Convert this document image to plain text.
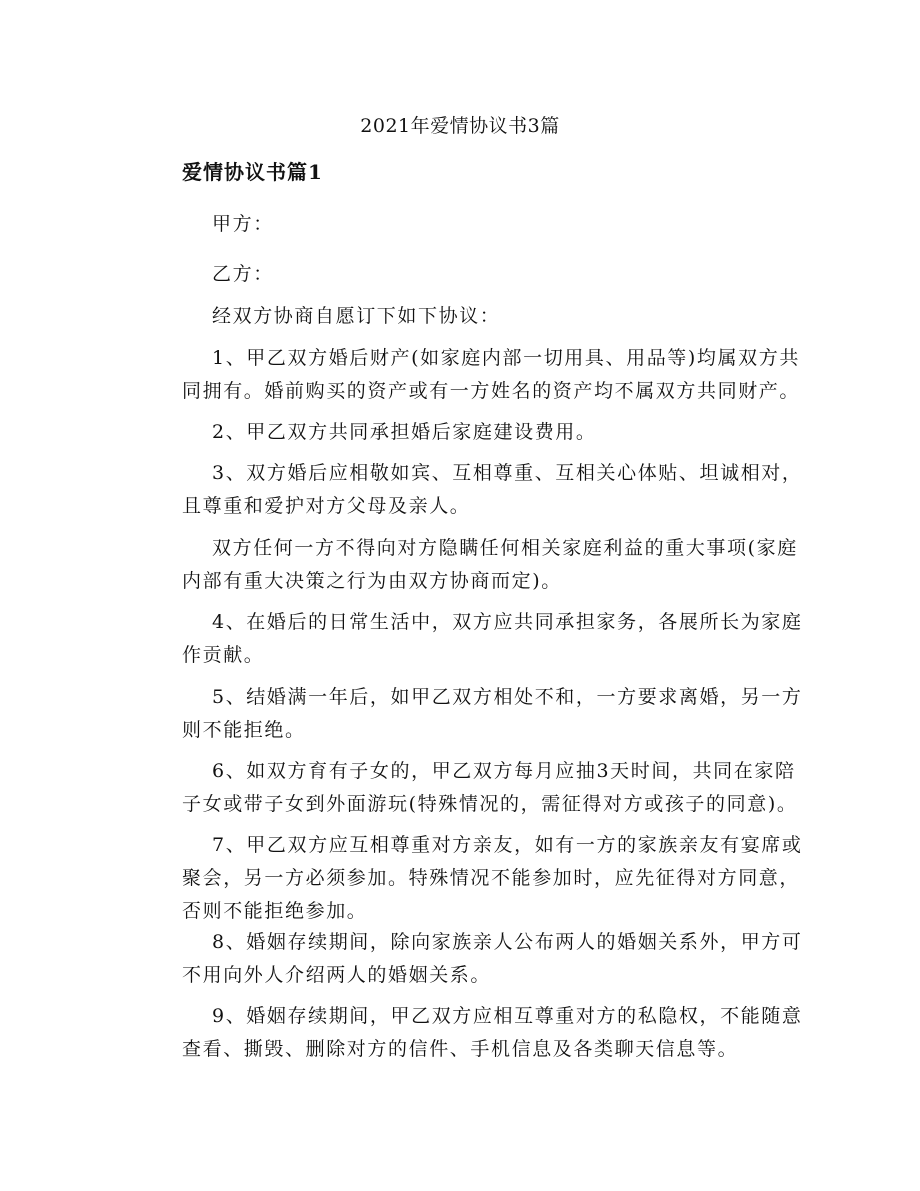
2021年爱情协议书3篇
爱情协议书篇1
甲方：
乙方：
经双方协商自愿订下如下协议：
1、甲乙双方婚后财产(如家庭内部一切用具、用品等)均属双方共
同拥有。婚前购买的资产或有一方姓名的资产均不属双方共同财产。
2、甲乙双方共同承担婚后家庭建设费用。
3、双方婚后应相敬如宾、互相尊重、互相关心体贴、坦诚相对，
且尊重和爱护对方父母及亲人。
双方任何一方不得向对方隐瞒任何相关家庭利益的重大事项(家庭
内部有重大决策之行为由双方协商而定)。
4、在婚后的日常生活中，双方应共同承担家务，各展所长为家庭
作贡献。
5、结婚满一年后，如甲乙双方相处不和，一方要求离婚，另一方
则不能拒绝。
6、如双方育有子女的，甲乙双方每月应抽3天时间，共同在家陪
子女或带子女到外面游玩(特殊情况的，需征得对方或孩子的同意)。
7、甲乙双方应互相尊重对方亲友，如有一方的家族亲友有宴席或
聚会，另一方必须参加。特殊情况不能参加时，应先征得对方同意，
否则不能拒绝参加。
8、婚姻存续期间，除向家族亲人公布两人的婚姻关系外，甲方可
不用向外人介绍两人的婚姻关系。
9、婚姻存续期间，甲乙双方应相互尊重对方的私隐权，不能随意
查看、撕毁、删除对方的信件、手机信息及各类聊天信息等。
